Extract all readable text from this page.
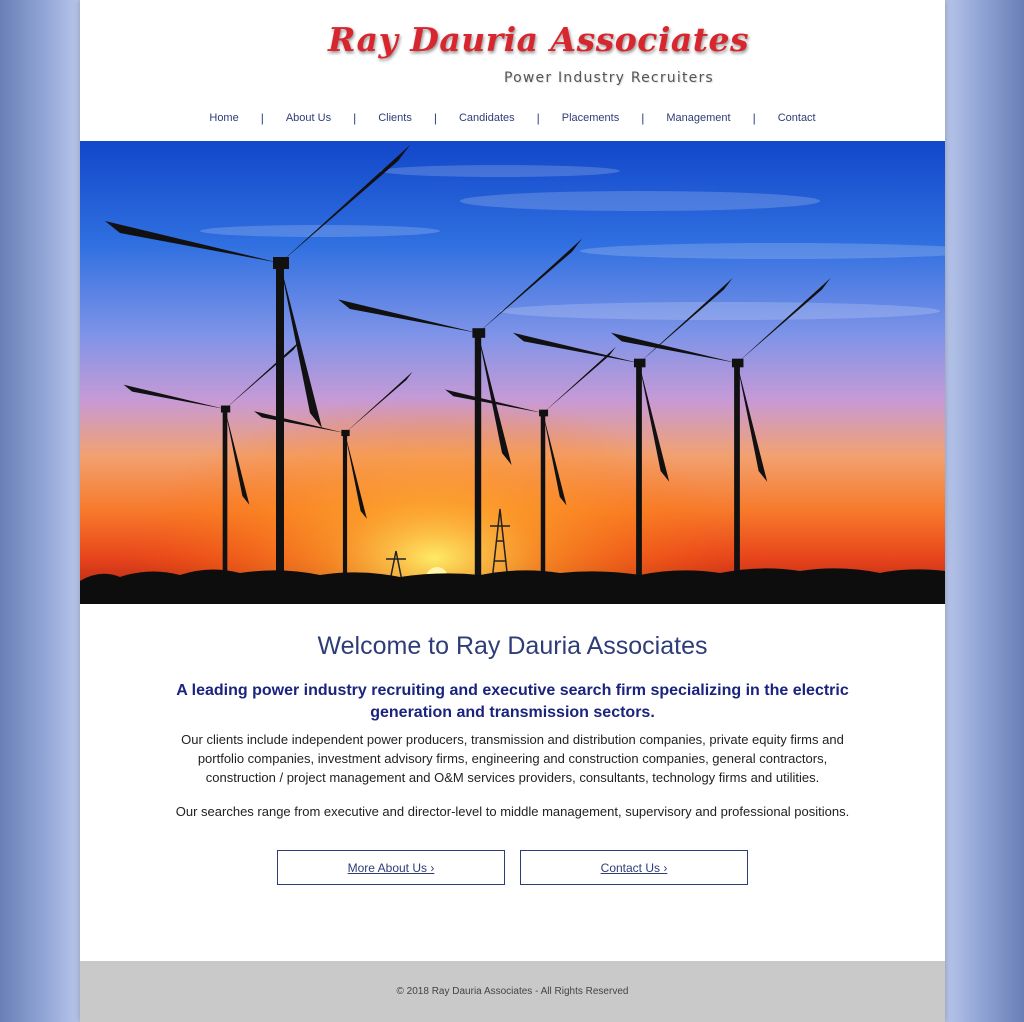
Ray Dauria Associates
Power Industry Recruiters
Home	|	About Us	|	Clients	|	Candidates	|	Placements	|	Management	|	Contact
Welcome to Ray Dauria Associates

A leading power industry recruiting and executive search firm specializing in the electric generation and transmission sectors.

Our clients include independent power producers, transmission and distribution companies, private equity firms and portfolio companies, investment advisory firms, engineering and construction companies, general contractors, construction / project management and O&M services providers, consultants, technology firms and utilities.

Our searches range from executive and director-level to middle management, supervisory and professional positions.

More About Us ›	Contact Us ›
© 2018 Ray Dauria Associates - All Rights Reserved
